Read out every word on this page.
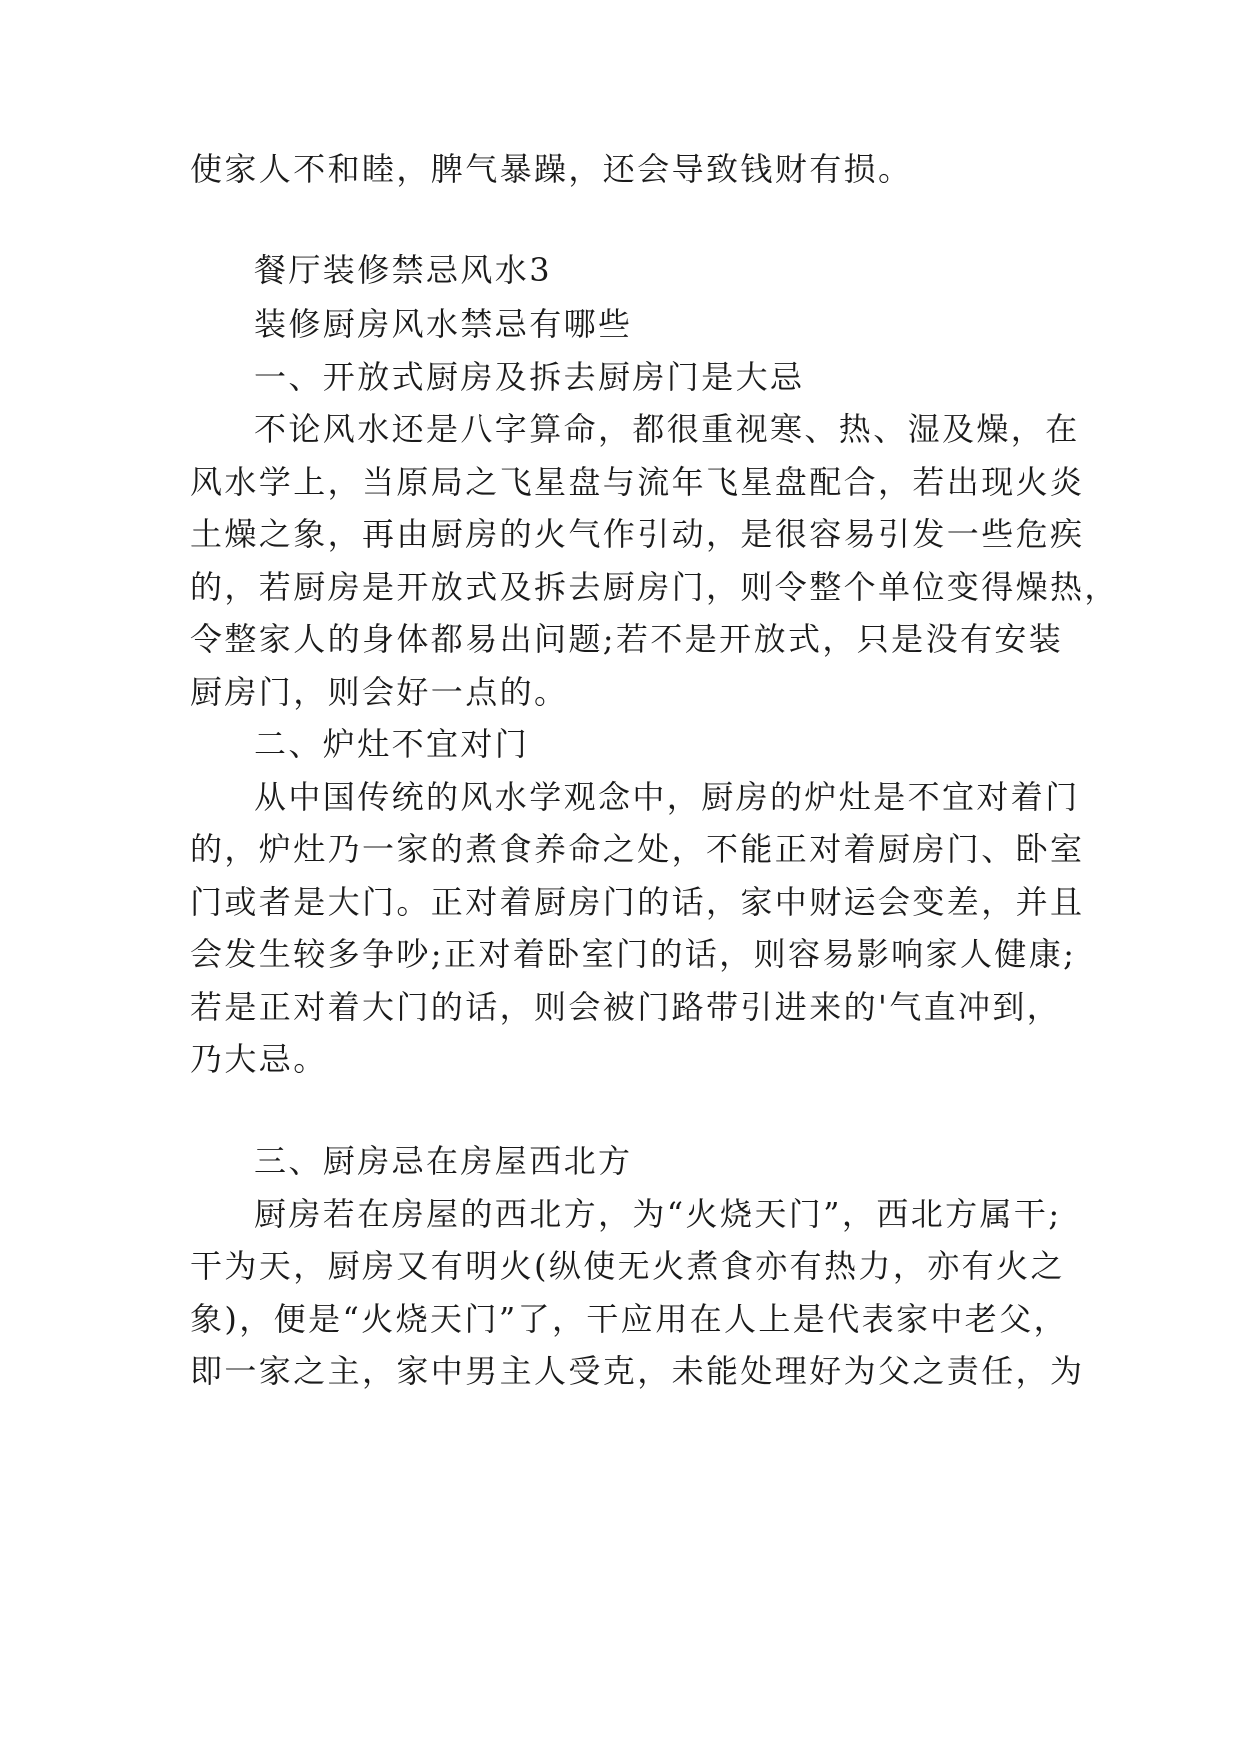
使家人不和睦，脾气暴躁，还会导致钱财有损。
餐厅装修禁忌风水3
装修厨房风水禁忌有哪些
一、开放式厨房及拆去厨房门是大忌
不论风水还是八字算命，都很重视寒、热、湿及燥，在
风水学上，当原局之飞星盘与流年飞星盘配合，若出现火炎
土燥之象，再由厨房的火气作引动，是很容易引发一些危疾
的，若厨房是开放式及拆去厨房门，则令整个单位变得燥热，
令整家人的身体都易出问题;若不是开放式，只是没有安装
厨房门，则会好一点的。
二、炉灶不宜对门
从中国传统的风水学观念中，厨房的炉灶是不宜对着门
的，炉灶乃一家的煮食养命之处，不能正对着厨房门、卧室
门或者是大门。正对着厨房门的话，家中财运会变差，并且
会发生较多争吵;正对着卧室门的话，则容易影响家人健康;
若是正对着大门的话，则会被门路带引进来的'气直冲到，
乃大忌。
三、厨房忌在房屋西北方
厨房若在房屋的西北方，为“火烧天门”，西北方属干;
干为天，厨房又有明火(纵使无火煮食亦有热力，亦有火之
象)，便是“火烧天门”了，干应用在人上是代表家中老父，
即一家之主，家中男主人受克，未能处理好为父之责任，为
